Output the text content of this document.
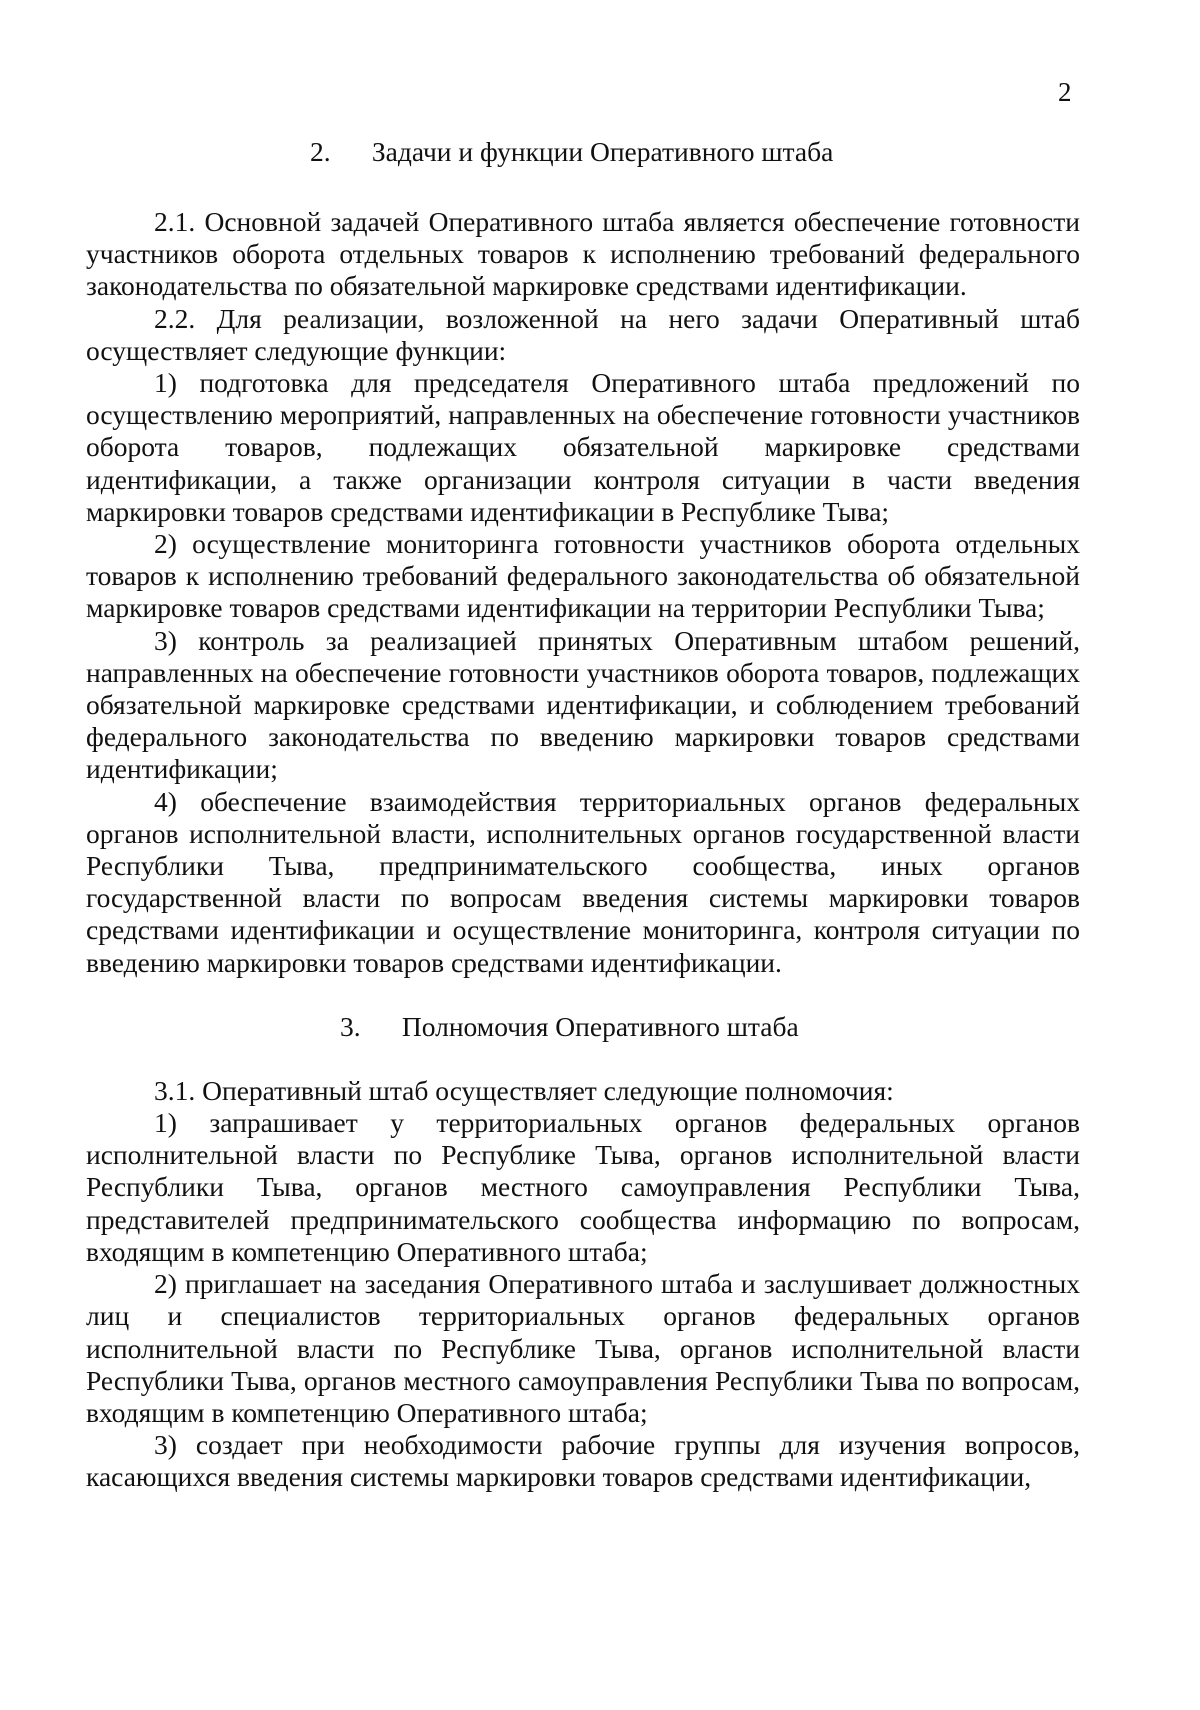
2
2.      Задачи и функции Оперативного штаба

2.1. Основной задачей Оперативного штаба является обеспечение готовности участников оборота отдельных товаров к исполнению требований федерального законодательства по обязательной маркировке средствами идентификации.

2.2. Для реализации, возложенной на него задачи Оперативный штаб осуществляет следующие функции:

1) подготовка для председателя Оперативного штаба предложений по осуществлению мероприятий, направленных на обеспечение готовности участников оборота товаров, подлежащих обязательной маркировке средствами идентификации, а также организации контроля ситуации в части введения маркировки товаров средствами идентификации в Республике Тыва;

2) осуществление мониторинга готовности участников оборота отдельных товаров к исполнению требований федерального законодательства об обязательной маркировке товаров средствами идентификации на территории Республики Тыва;

3) контроль за реализацией принятых Оперативным штабом решений, направленных на обеспечение готовности участников оборота товаров, подлежащих обязательной маркировке средствами идентификации, и соблюдением требований федерального законодательства по введению маркировки товаров средствами идентификации;

4) обеспечение взаимодействия территориальных органов федеральных органов исполнительной власти, исполнительных органов государственной власти Республики Тыва, предпринимательского сообщества, иных органов государственной власти по вопросам введения системы маркировки товаров средствами идентификации и осуществление мониторинга, контроля ситуации по введению маркировки товаров средствами идентификации.

3.      Полномочия Оперативного штаба

3.1. Оперативный штаб осуществляет следующие полномочия:

1) запрашивает у территориальных органов федеральных органов исполнительной власти по Республике Тыва, органов исполнительной власти Республики Тыва, органов местного самоуправления Республики Тыва, представителей предпринимательского сообщества информацию по вопросам, входящим в компетенцию Оперативного штаба;

2) приглашает на заседания Оперативного штаба и заслушивает должностных лиц и специалистов территориальных органов федеральных органов исполнительной власти по Республике Тыва, органов исполнительной власти Республики Тыва, органов местного самоуправления Республики Тыва по вопросам, входящим в компетенцию Оперативного штаба;

3) создает при необходимости рабочие группы для изучения вопросов, касающихся введения системы маркировки товаров средствами идентификации,
